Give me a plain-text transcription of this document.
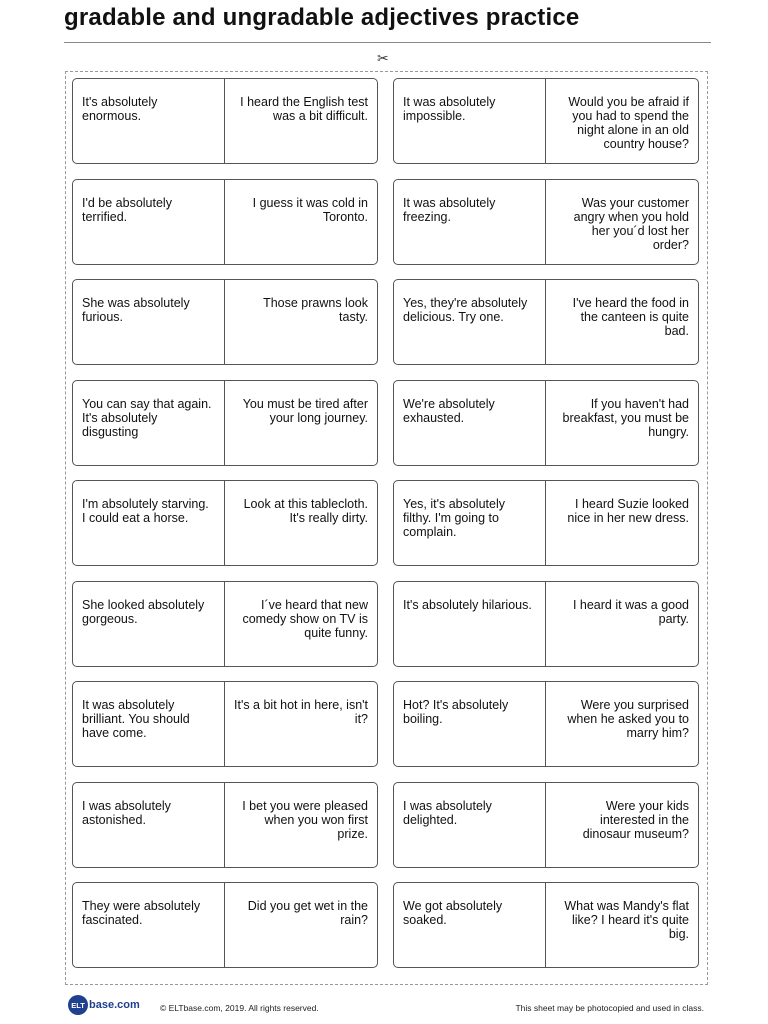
gradable and ungradable adjectives practice
✂
It's absolutely enormous.
I heard the English test was a bit difficult.
It was absolutely impossible.
Would you be afraid if you had to spend the night alone in an old country house?
I'd be absolutely terrified.
I guess it was cold in Toronto.
It was absolutely freezing.
Was your customer angry when you hold her you´d lost her order?
She was absolutely furious.
Those prawns look tasty.
Yes, they're absolutely delicious. Try one.
I've heard the food in the canteen is quite bad.
You can say that again. It's absolutely disgusting
You must be tired after your long journey.
We're absolutely exhausted.
If you haven't had breakfast, you must be hungry.
I'm absolutely starving. I could eat a horse.
Look at this tablecloth. It's really dirty.
Yes, it's absolutely filthy. I'm going to complain.
I heard Suzie looked nice in her new dress.
She looked absolutely gorgeous.
I´ve heard that new comedy show on TV is quite funny.
It's absolutely hilarious.	I heard it was a good party.
It was absolutely brilliant. You should have come.
It's a bit hot in here, isn't it?
Hot? It's absolutely boiling.
Were you surprised when he asked you to marry him?
I was absolutely astonished.
I bet you were pleased when you won first prize.
I was absolutely delighted.
Were your kids interested in the dinosaur museum?
They were absolutely fascinated.
Did you get wet in the rain?
We got absolutely soaked.
What was Mandy's flat like? I heard it's quite big.
ELT base.com © ELTbase.com, 2019. All rights reserved.	This sheet may be photocopied and used in class.
